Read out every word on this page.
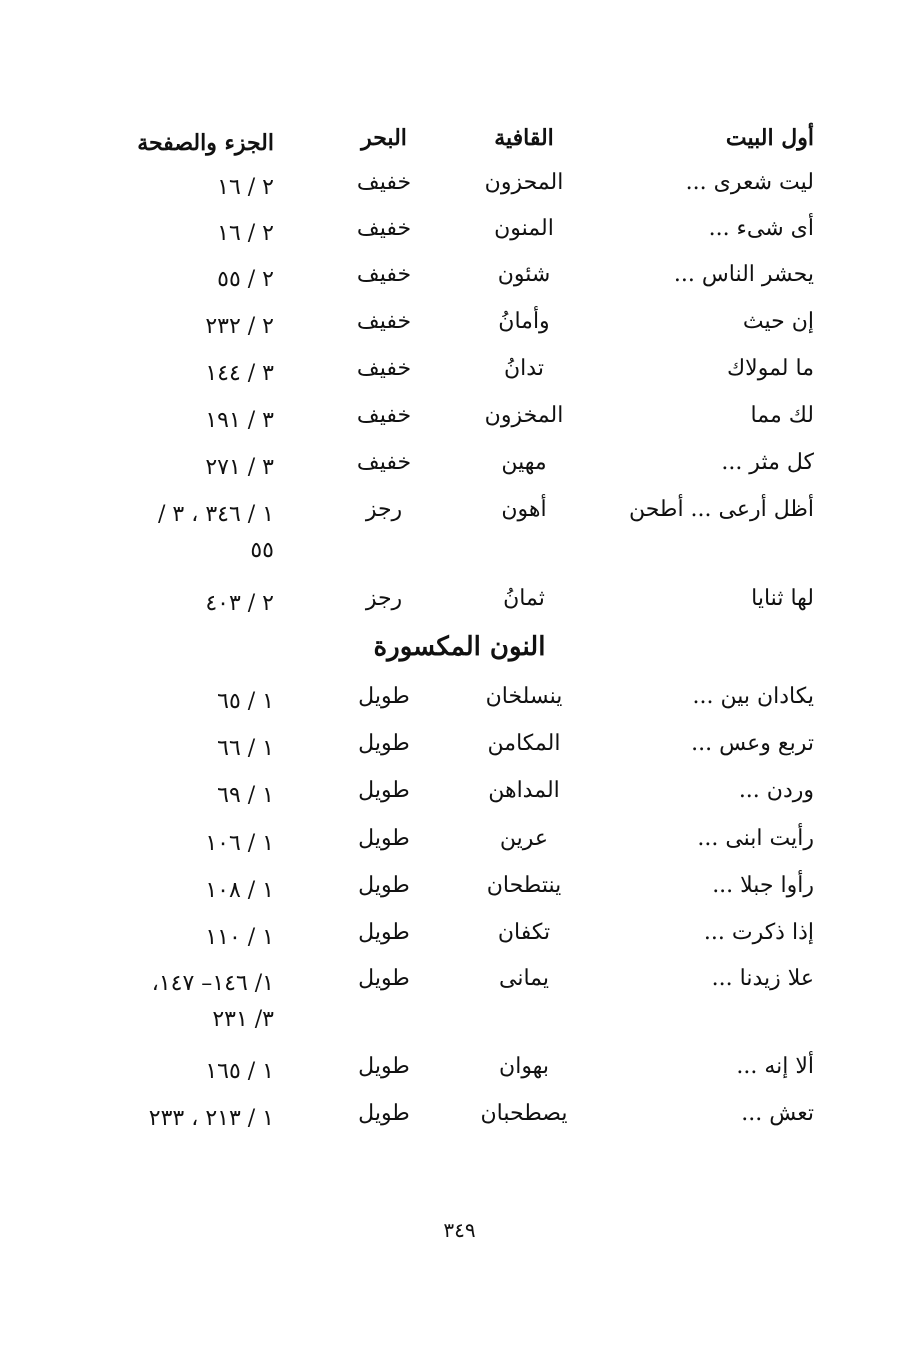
أول البيت
القافية
البحر
الجزء والصفحة
ليت شعرى ...
المحزون
خفيف
٢ / ١٦
أى شىء ...
المنون
خفيف
٢ / ١٦
يحشر الناس ...
شئون
خفيف
٢ / ٥٥
إن حيث
وأمانُ
خفيف
٢ / ٢٣٢
ما لمولاك
تدانُ
خفيف
٣ / ١٤٤
لك مما
المخزون
خفيف
٣ / ١٩١
كل مثر ...
مهين
خفيف
٣ / ٢٧١
أظل أرعى ... أطحن
أهون
رجز
١ / ٣٤٦ ، ٣ / ٥٥
لها ثنايا
ثمانُ
رجز
٢ / ٤٠٣
النون المكسورة
يكادان بين ...
ينسلخان
طويل
١ / ٦٥
تربع وعس ...
المكامن
طويل
١ / ٦٦
وردن ...
المداهن
طويل
١ / ٦٩
رأيت ابنى ...
عرين
طويل
١ / ١٠٦
رأوا جبلا ...
ينتطحان
طويل
١ / ١٠٨
إذا ذكرت ...
تكفان
طويل
١ / ١١٠
علا زيدنا ...
يمانى
طويل
١/ ١٤٦– ١٤٧، ٣/ ٢٣١
ألا إنه ...
بهوان
طويل
١ / ١٦٥
تعش ...
يصطحبان
طويل
١ / ٢١٣ ، ٢٣٣
٣٤٩
